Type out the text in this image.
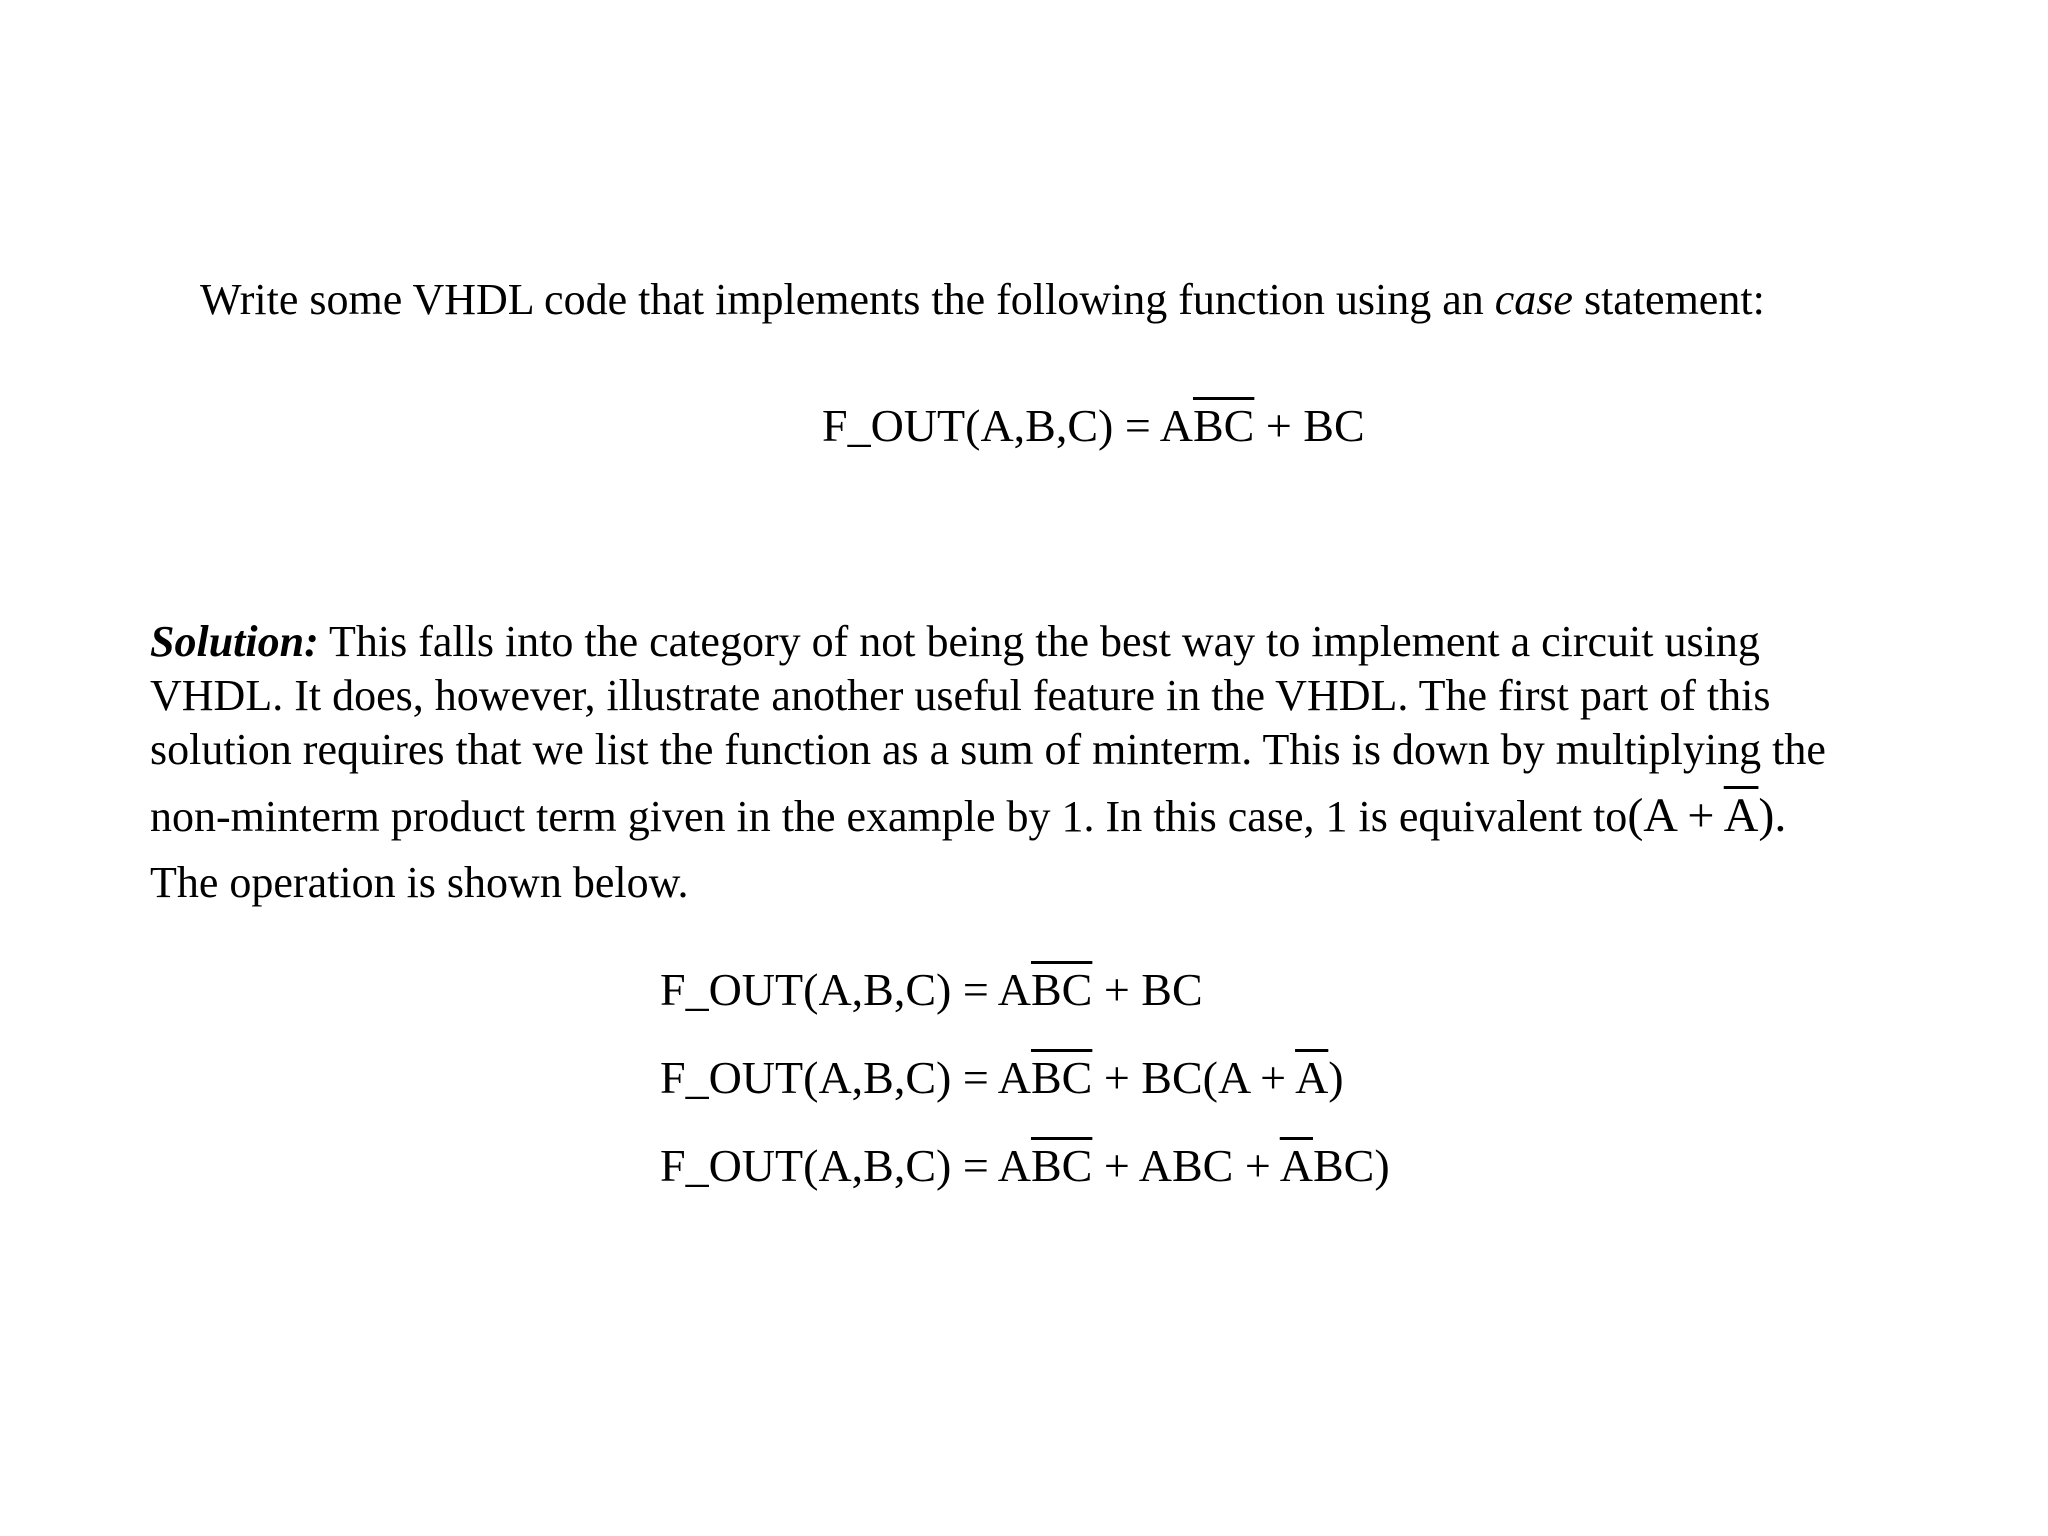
Write some VHDL code that implements the following function using an case statement:
F_OUT(A,B,C) = $A\overline{BC}$ + BC
Solution: This falls into the category of not being the best way to implement a circuit using
VHDL. It does, however, illustrate another useful feature in the VHDL. The first part of this
solution requires that we list the function as a sum of minterm. This is down by multiplying the
non-minterm product term given in the example by 1. In this case, 1 is equivalent $to(A + \overline{A})$.
The operation is shown below.
F_OUT(A,B,C) = $A\overline{BC}$ + BC
F_OUT(A,B,C) = $A\overline{BC} + BC(A + \overline{A})$
F_OUT(A,B,C) = $A\overline{BC}$ + ABC + $\overline{A}BC$)
